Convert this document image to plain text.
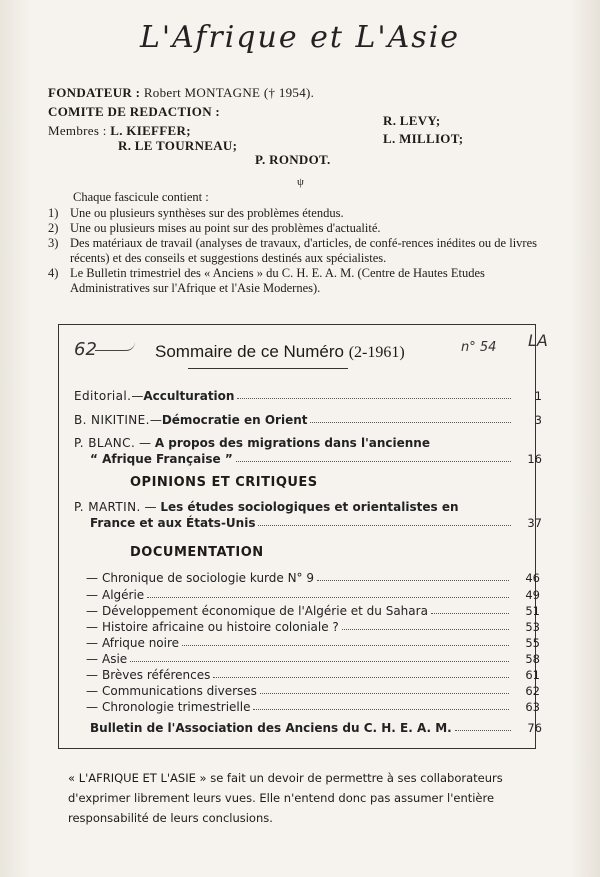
L'Afrique et L'Asie
FONDATEUR : Robert MONTAGNE († 1954).
COMITE DE REDACTION :
Membres : L. KIEFFER;
R. LE TOURNEAU;
P. RONDOT.
R. LEVY;
L. MILLIOT;
ψ
Chaque fascicule contient :
1) Une ou plusieurs synthèses sur des problèmes étendus.
2) Une ou plusieurs mises au point sur des problèmes d'actualité.
3) Des matériaux de travail (analyses de travaux, d'articles, de confé-rences inédites ou de livres récents) et des conseils et suggestions destinés aux spécialistes.
4) Le Bulletin trimestriel des « Anciens » du C. H. E. A. M. (Centre de Hautes Etudes Administratives sur l'Afrique et l'Asie Modernes).
62	Sommaire de ce Numéro (2-1961)	n° 54 LA
Editorial. — Acculturation	1
B. NIKITINE. — Démocratie en Orient	3
P. BLANC. — A propos des migrations dans l'ancienne
“ Afrique Française ”	16
OPINIONS ET CRITIQUES
P. MARTIN. — Les études sociologiques et orientalistes en
France et aux États-Unis	37
DOCUMENTATION
— Chronique de sociologie kurde N° 9	46
— Algérie	49
— Développement économique de l'Algérie et du Sahara	51
— Histoire africaine ou histoire coloniale ?	53
— Afrique noire	55
— Asie	58
— Brèves références	61
— Communications diverses	62
— Chronologie trimestrielle	63
Bulletin de l'Association des Anciens du C. H. E. A. M.	76
« L'AFRIQUE ET L'ASIE » se fait un devoir de permettre à ses collaborateurs d'exprimer librement leurs vues. Elle n'entend donc pas assumer l'entière responsabilité de leurs conclusions.
